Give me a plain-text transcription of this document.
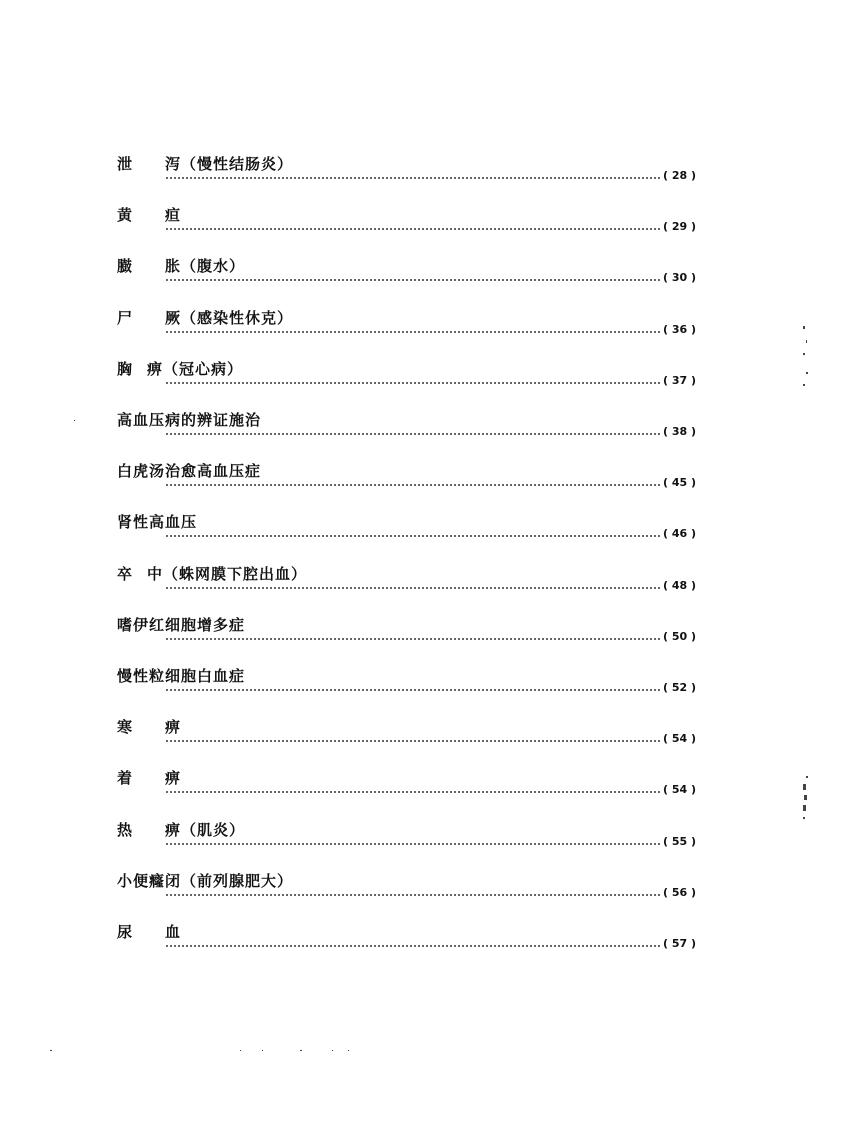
泄 泻（慢性结肠炎）
( 28 )
黄 疸
( 29 )
臌 胀（腹水）
( 30 )
尸 厥（感染性休克）
( 36 )
胸 痹（冠心病）
( 37 )
高血压病的辨证施治
( 38 )
白虎汤治愈高血压症
( 45 )
肾性高血压
( 46 )
卒 中（蛛网膜下腔出血）
( 48 )
嗜伊红细胞增多症
( 50 )
慢性粒细胞白血症
( 52 )
寒 痹
( 54 )
着 痹
( 54 )
热 痹（肌炎）
( 55 )
小便癃闭（前列腺肥大）
( 56 )
尿 血
( 57 )
